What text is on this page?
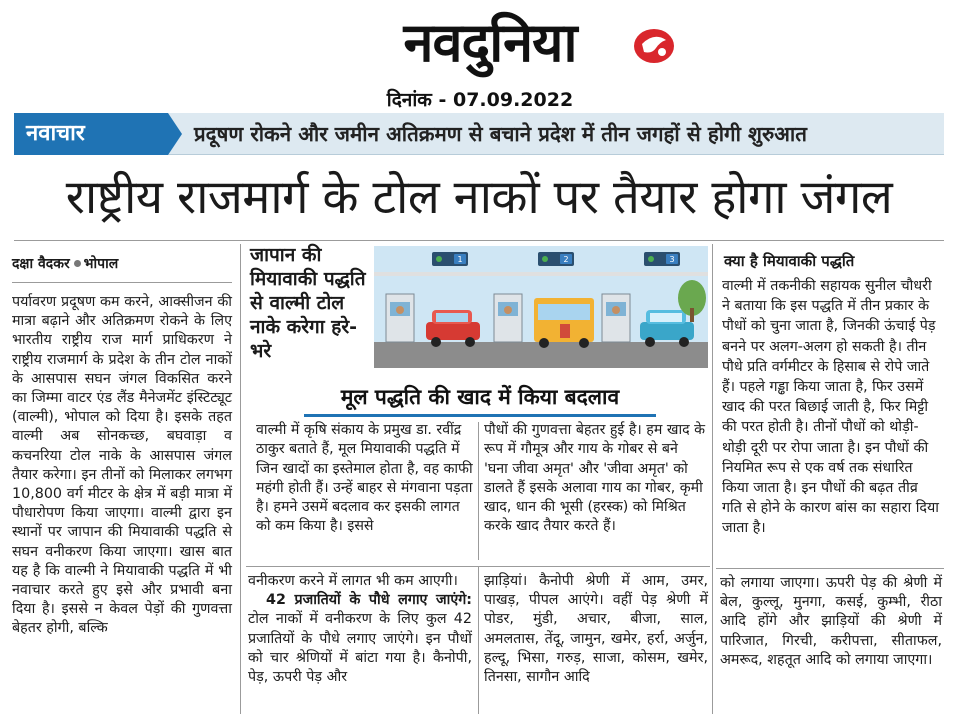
नवदुनिया
दिनांक - 07.09.2022
नवाचार	प्रदूषण रोकने और जमीन अतिक्रमण से बचाने प्रदेश में तीन जगहों से होगी शुरुआत
राष्ट्रीय राजमार्ग के टोल नाकों पर तैयार होगा जंगल
दक्षा वैदकर भोपाल

पर्यावरण प्रदूषण कम करने, आक्सीजन की मात्रा बढ़ाने और अतिक्रमण रोकने के लिए भारतीय राष्ट्रीय राज मार्ग प्राधिकरण ने राष्ट्रीय राजमार्ग के प्रदेश के तीन टोल नाकों के आसपास सघन जंगल विकसित करने का जिम्मा वाटर एंड लैंड मैनेजमेंट इंस्टिट्यूट (वाल्मी), भोपाल को दिया है। इसके तहत वाल्मी अब सोनकच्छ, बघवाड़ा व कचनरिया टोल नाके के आसपास जंगल तैयार करेगा। इन तीनों को मिलाकर लगभग 10,800 वर्ग मीटर के क्षेत्र में बड़ी मात्रा में पौधारोपण किया जाएगा। वाल्मी द्वारा इन स्थानों पर जापान की मियावाकी पद्धति से सघन वनीकरण किया जाएगा। खास बात यह है कि वाल्मी ने मियावाकी पद्धति में भी नवाचार करते हुए इसे और प्रभावी बना दिया है। इससे न केवल पेड़ों की गुणवत्ता बेहतर होगी, बल्कि

जापान की मियावाकी पद्धति से वाल्मी टोल नाके करेगा हरे-भरे
1	2	3
मूल पद्धति की खाद में किया बदलाव
वाल्मी में कृषि संकाय के प्रमुख डा. रवींद्र ठाकुर बताते हैं, मूल मियावाकी पद्धति में जिन खादों का इस्तेमाल होता है, वह काफी महंगी होती हैं। उन्हें बाहर से मंगवाना पड़ता है। हमने उसमें बदलाव कर इसकी लागत को कम किया है। इससे
पौधों की गुणवत्ता बेहतर हुई है। हम खाद के रूप में गौमूत्र और गाय के गोबर से बने 'घना जीवा अमृत' और 'जीवा अमृत' को डालते हैं इसके अलावा गाय का गोबर, कृमी खाद, धान की भूसी (हरस्क) को मिश्रित करके खाद तैयार करते हैं।
क्या है मियावाकी पद्धति
वाल्मी में तकनीकी सहायक सुनील चौधरी ने बताया कि इस पद्धति में तीन प्रकार के पौधों को चुना जाता है, जिनकी ऊंचाई पेड़ बनने पर अलग-अलग हो सकती है। तीन पौधे प्रति वर्गमीटर के हिसाब से रोपे जाते हैं। पहले गड्ढा किया जाता है, फिर उसमें खाद की परत बिछाई जाती है, फिर मिट्टी की परत होती है। तीनों पौधों को थोड़ी-थोड़ी दूरी पर रोपा जाता है। इन पौधों की नियमित रूप से एक वर्ष तक संधारित किया जाता है। इन पौधों की बढ़त तीव्र गति से होने के कारण बांस का सहारा दिया जाता है।

वनीकरण करने में लागत भी कम आएगी।

42 प्रजातियों के पौधे लगाए जाएंगे: टोल नाकों में वनीकरण के लिए कुल 42 प्रजातियों के पौधे लगाए जाएंगे। इन पौधों को चार श्रेणियों में बांटा गया है। कैनोपी, पेड़, ऊपरी पेड़ और

झाड़ियां। कैनोपी श्रेणी में आम, उमर, पाखड़, पीपल आएंगे। वहीं पेड़ श्रेणी में पोडर, मुंडी, अचार, बीजा, साल, अमलतास, तेंदू, जामुन, खमेर, हर्रा, अर्जुन, हल्दू, भिसा, गरुड़, साजा, कोसम, खमेर, तिनसा, सागौन आदि
को लगाया जाएगा। ऊपरी पेड़ की श्रेणी में बेल, कुल्लू, मुनगा, कसई, कुम्भी, रीठा आदि होंगे और झाड़ियों की श्रेणी में पारिजात, गिरची, करीपत्ता, सीताफल, अमरूद, शहतूत आदि को लगाया जाएगा।
